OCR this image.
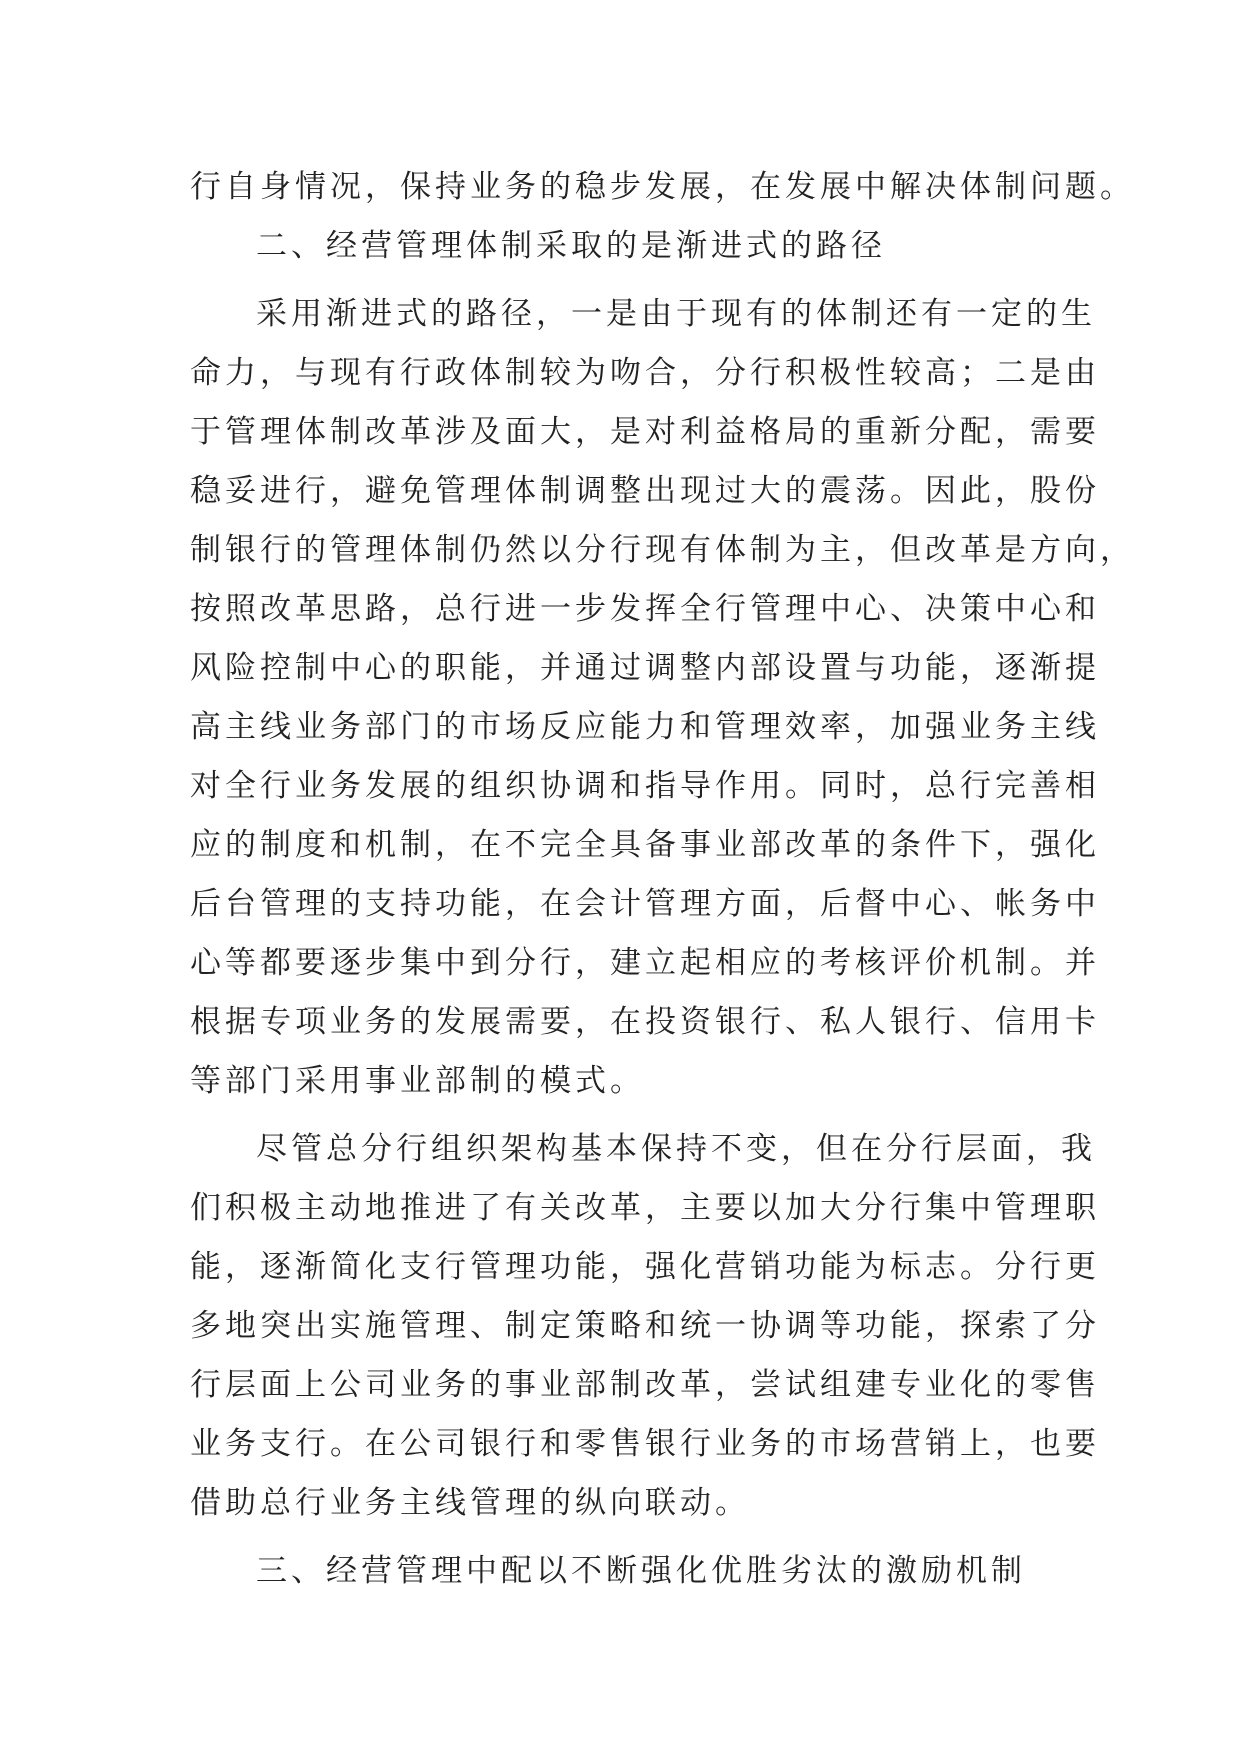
行自身情况，保持业务的稳步发展，在发展中解决体制问题。
二、经营管理体制采取的是渐进式的路径
采用渐进式的路径，一是由于现有的体制还有一定的生
命力，与现有行政体制较为吻合，分行积极性较高；二是由
于管理体制改革涉及面大，是对利益格局的重新分配，需要
稳妥进行，避免管理体制调整出现过大的震荡。因此，股份
制银行的管理体制仍然以分行现有体制为主，但改革是方向，
按照改革思路，总行进一步发挥全行管理中心、决策中心和
风险控制中心的职能，并通过调整内部设置与功能，逐渐提
高主线业务部门的市场反应能力和管理效率，加强业务主线
对全行业务发展的组织协调和指导作用。同时，总行完善相
应的制度和机制，在不完全具备事业部改革的条件下，强化
后台管理的支持功能，在会计管理方面，后督中心、帐务中
心等都要逐步集中到分行，建立起相应的考核评价机制。并
根据专项业务的发展需要，在投资银行、私人银行、信用卡
等部门采用事业部制的模式。
尽管总分行组织架构基本保持不变，但在分行层面，我
们积极主动地推进了有关改革，主要以加大分行集中管理职
能，逐渐简化支行管理功能，强化营销功能为标志。分行更
多地突出实施管理、制定策略和统一协调等功能，探索了分
行层面上公司业务的事业部制改革，尝试组建专业化的零售
业务支行。在公司银行和零售银行业务的市场营销上，也要
借助总行业务主线管理的纵向联动。
三、经营管理中配以不断强化优胜劣汰的激励机制
